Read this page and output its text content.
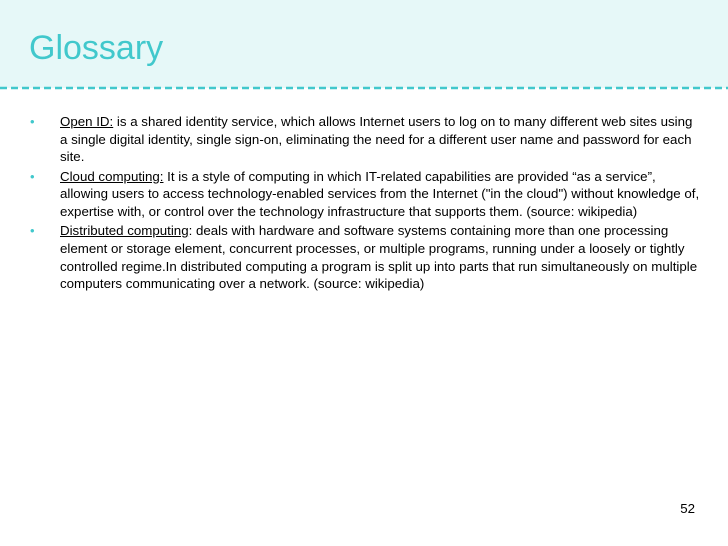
Glossary
• Open ID: is a shared identity service, which allows Internet users to log on to many different web sites using a single digital identity, single sign-on, eliminating the need for a different user name and password for each site.
• Cloud computing: It is a style of computing in which IT-related capabilities are provided “as a service”, allowing users to access technology-enabled services from the Internet ("in the cloud") without knowledge of, expertise with, or control over the technology infrastructure that supports them. (source: wikipedia)
• Distributed computing: deals with hardware and software systems containing more than one processing element or storage element, concurrent processes, or multiple programs, running under a loosely or tightly controlled regime.In distributed computing a program is split up into parts that run simultaneously on multiple computers communicating over a network. (source: wikipedia)
52
